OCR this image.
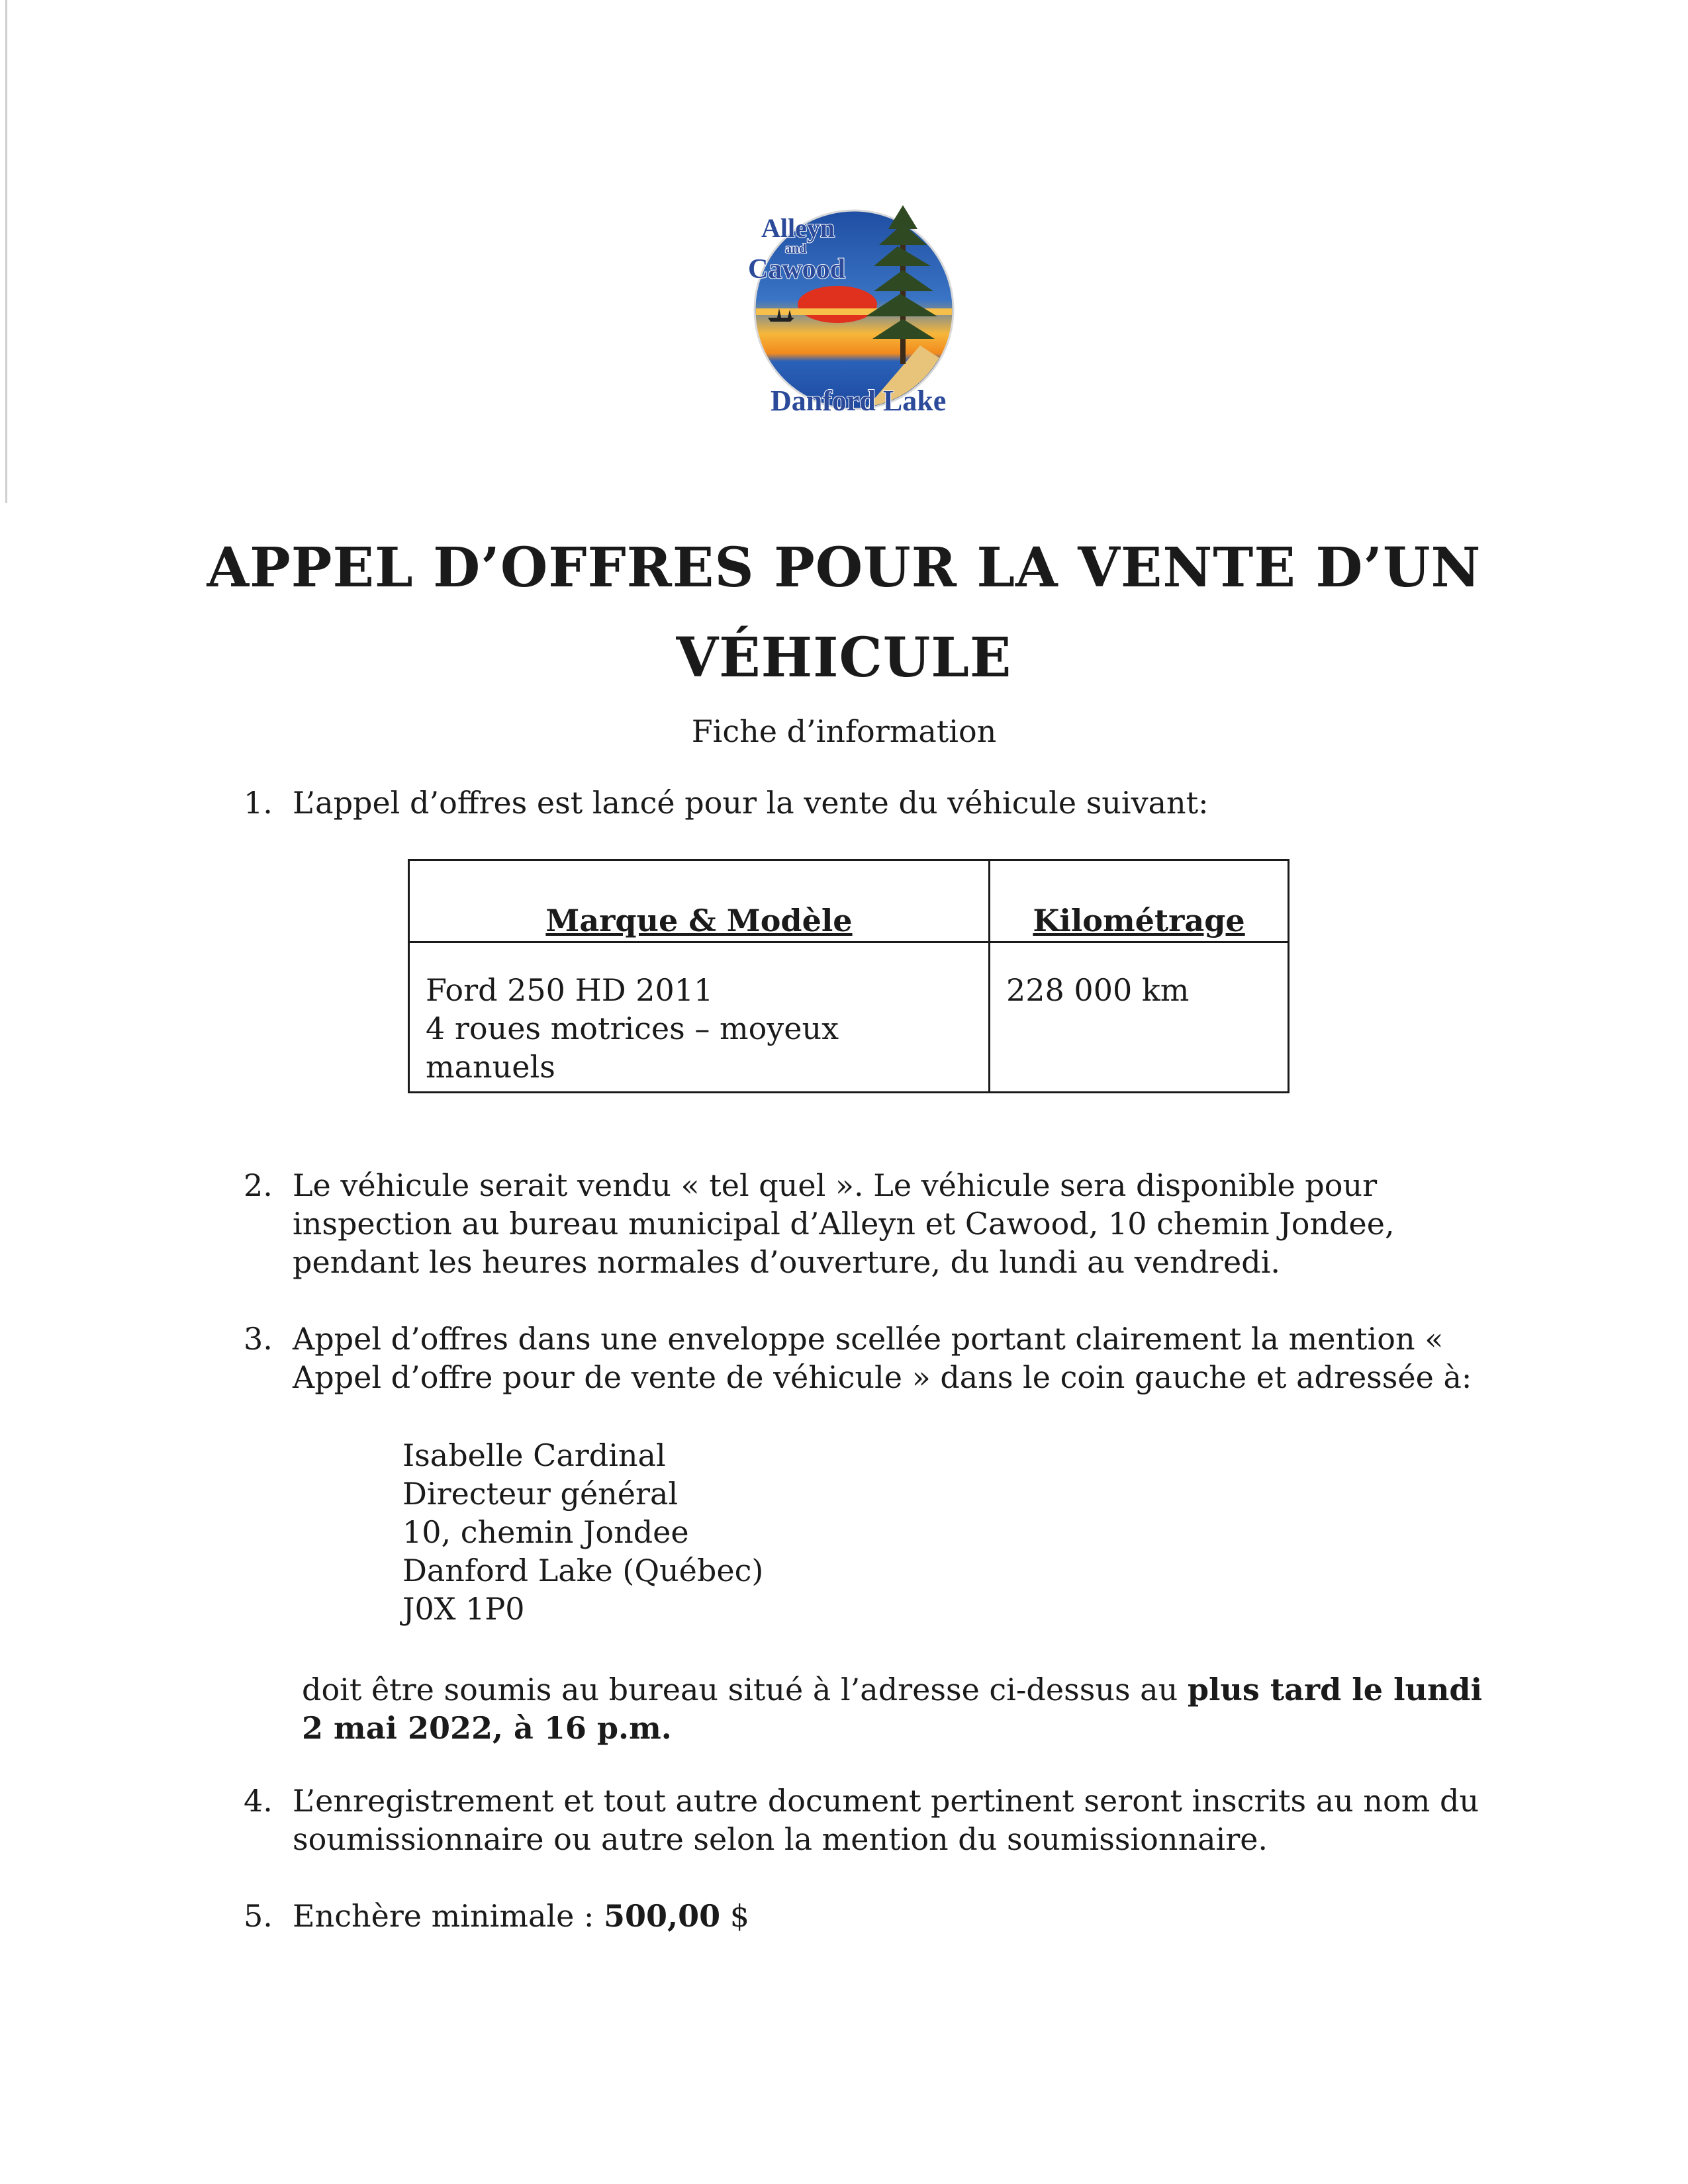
Alleyn
and
Cawood
Danford Lake
APPEL D’OFFRES POUR LA VENTE D’UN
VÉHICULE
Fiche d’information
1. L’appel d’offres est lancé pour la vente du véhicule suivant:
Marque & Modèle	Kilométrage

Ford 250 HD 2011
4 roues motrices – moyeux manuels	228 000 km
2. Le véhicule serait vendu « tel quel ». Le véhicule sera disponible pour inspection au bureau municipal d’Alleyn et Cawood, 10 chemin Jondee, pendant les heures normales d’ouverture, du lundi au vendredi.
3. Appel d’offres dans une enveloppe scellée portant clairement la mention « Appel d’offre pour de vente de véhicule » dans le coin gauche et adressée à:
Isabelle Cardinal
Directeur général
10, chemin Jondee
Danford Lake (Québec)
J0X 1P0
doit être soumis au bureau situé à l’adresse ci-dessus au plus tard le lundi 2 mai 2022, à 16 p.m.
4. L’enregistrement et tout autre document pertinent seront inscrits au nom du soumissionnaire ou autre selon la mention du soumissionnaire.
5. Enchère minimale : 500,00 $
